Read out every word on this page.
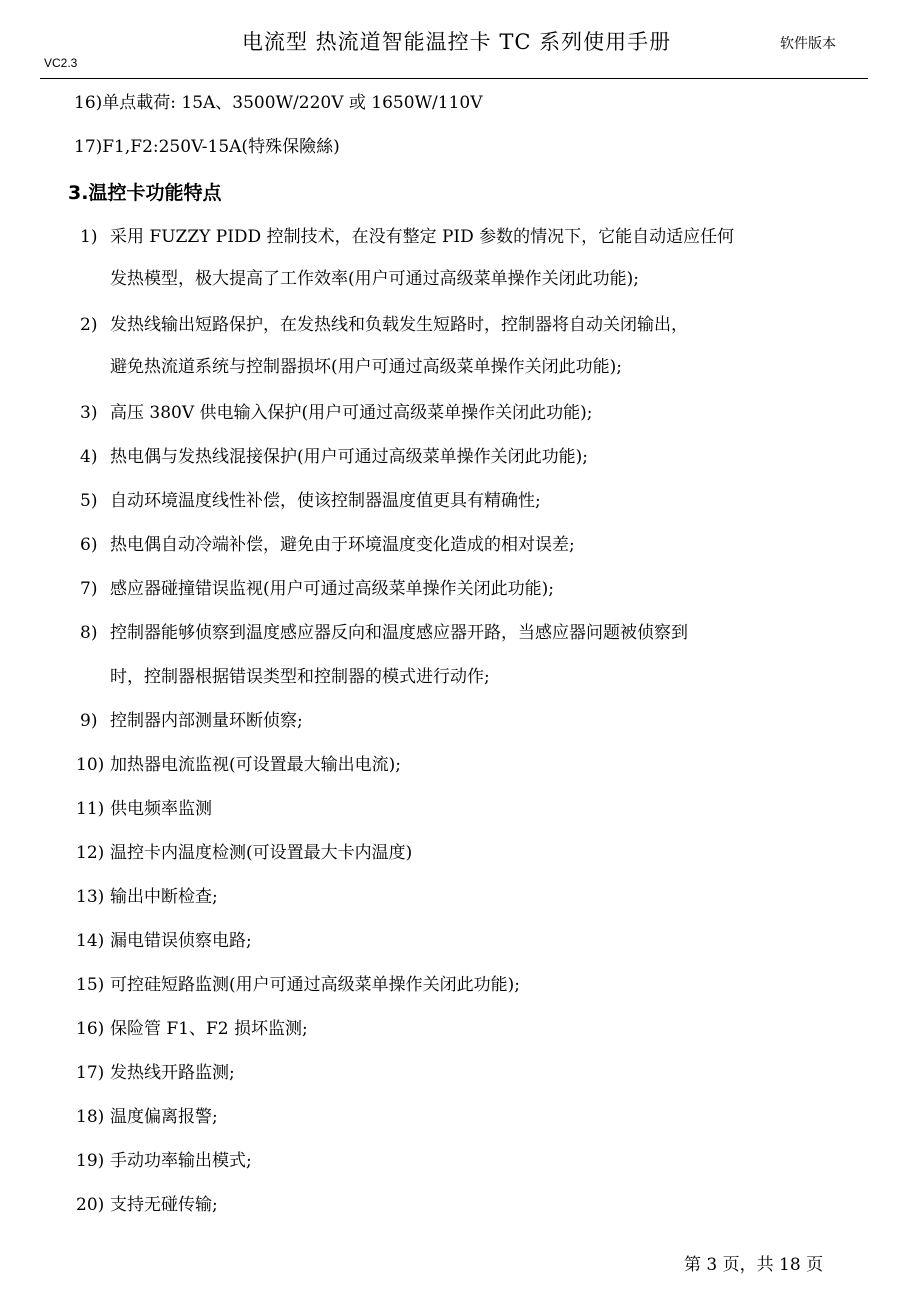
电流型 热流道智能温控卡 TC 系列使用手册	软件版本
VC2.3
16)单点載荷: 15A、3500W/220V 或 1650W/110V
17)F1,F2:250V-15A(特殊保險絲)
3.温控卡功能特点
1) 采用 FUZZY PIDD 控制技术，在没有整定 PID 参数的情况下，它能自动适应任何
发热模型，极大提高了工作效率(用户可通过高级菜单操作关闭此功能);
2) 发热线输出短路保护，在发热线和负载发生短路时，控制器将自动关闭输出，
避免热流道系统与控制器损坏(用户可通过高级菜单操作关闭此功能);
3) 高压 380V 供电输入保护(用户可通过高级菜单操作关闭此功能);
4) 热电偶与发热线混接保护(用户可通过高级菜单操作关闭此功能);
5) 自动环境温度线性补偿，使该控制器温度值更具有精确性;
6) 热电偶自动冷端补偿，避免由于环境温度变化造成的相对误差;
7) 感应器碰撞错误监视(用户可通过高级菜单操作关闭此功能);
8) 控制器能够侦察到温度感应器反向和温度感应器开路，当感应器问题被侦察到
时，控制器根据错误类型和控制器的模式进行动作;
9) 控制器内部测量环断侦察;
10) 加热器电流监视(可设置最大输出电流);
11) 供电频率监测
12) 温控卡内温度检测(可设置最大卡内温度)
13) 输出中断检查;
14) 漏电错误侦察电路;
15) 可控硅短路监测(用户可通过高级菜单操作关闭此功能);
16) 保险管 F1、F2 损坏监测;
17) 发热线开路监测;
18) 温度偏离报警;
19) 手动功率输出模式;
20) 支持无碰传输;
第 3 页，共 18 页
